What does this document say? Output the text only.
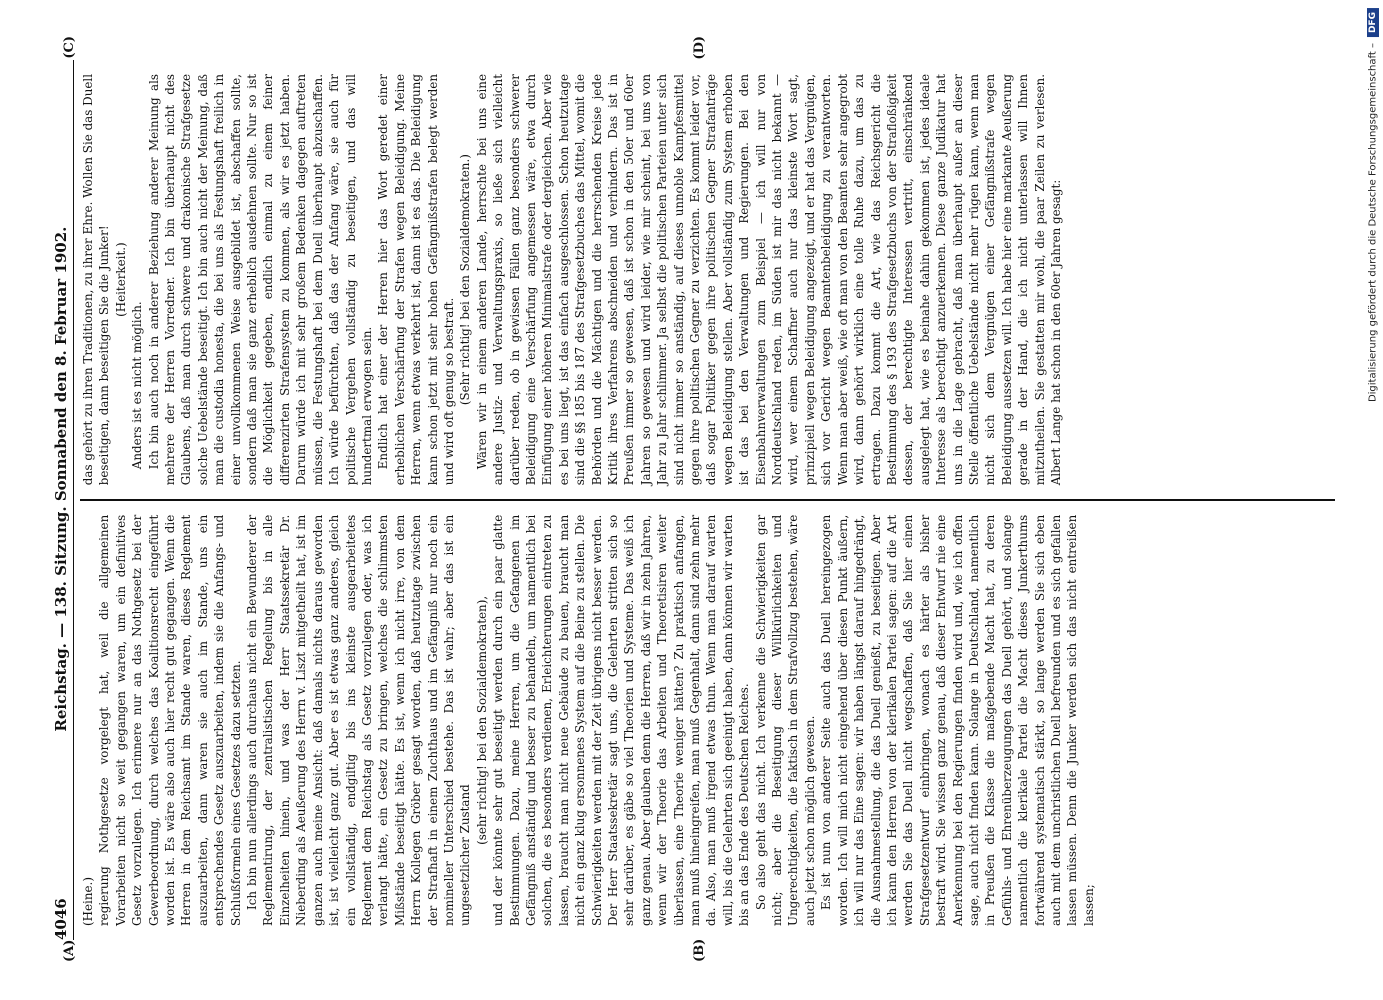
4046
Reichstag. — 138. Sitzung. Sonnabend den 8. Februar 1902.

(Heine.) regierung Nothgesetze vorgelegt hat, weil die allgemeinen Vorarbeiten nicht so weit gegangen waren, um ein definitives Gesetz vorzulegen. Ich erinnere nur an das Nothgesetz bei der Gewerbeordnung, durch welches das Koalitionsrecht eingeführt worden ist. Es wäre also auch hier recht gut gegangen. Wenn die Herren in dem Reichsamt im Stande waren, dieses Reglement auszuarbeiten, dann waren sie auch im Stande, uns ein entsprechendes Gesetz auszuarbeiten, indem sie die Anfangs- und Schlußformeln eines Gesetzes dazu setzten. Ich bin nun allerdings auch durchaus nicht ein Bewunderer der Reglementirung, der zentralistischen Regelung bis in alle Einzelheiten hinein, und was der Herr Staatssekretär Dr. Nieberding als Aeußerung des Herrn v. Liszt mitgetheilt hat, ist im ganzen auch meine Ansicht: daß damals nichts daraus geworden ist, ist vielleicht ganz gut. Aber es ist etwas ganz anderes, gleich ein vollständig, endgiltig bis ins kleinste ausgearbeitetes Reglement dem Reichstag als Gesetz vorzulegen oder, was ich verlangt hätte, ein Gesetz zu bringen, welches die schlimmsten Mißstände beseitigt hätte. Es ist, wenn ich nicht irre, von dem Herrn Kollegen Gröber gesagt worden, daß heutzutage zwischen der Strafhaft in einem Zuchthaus und im Gefängniß nur noch ein nomineller Unterschied bestehe. Das ist wahr; aber das ist ein ungesetzlicher Zustand

(sehr richtig! bei den Sozialdemokraten), und der könnte sehr gut beseitigt werden durch ein paar glatte Bestimmungen. Dazu, meine Herren, um die Gefangenen im Gefängniß anständig und besser zu behandeln, um namentlich bei solchen, die es besonders verdienen, Erleichterungen eintreten zu lassen, braucht man nicht neue Gebäude zu bauen, braucht man nicht ein ganz klug ersonnenes System auf die Beine zu stellen. Die Schwierigkeiten werden mit der Zeit übrigens nicht besser werden. Der Herr Staatssekretär sagt uns, die Gelehrten stritten sich so sehr darüber, es gäbe so viel Theorien und Systeme. Das weiß ich ganz genau. Aber glauben denn die Herren, daß wir in zehn Jahren, wenn wir der Theorie das Arbeiten und Theoretisiren weiter überlassen, eine Theorie weniger hätten? Zu praktisch anfangen, man muß hineingreifen, man muß Gegenhalt, dann sind zehn mehr da. Also, man muß irgend etwas thun. Wenn man darauf warten will, bis die Gelehrten sich geeinigt haben, dann können wir warten bis an das Ende des Deutschen Reiches. So also geht das nicht. Ich verkenne die Schwierigkeiten gar nicht; aber die Beseitigung dieser Willkürlichkeiten und Ungerechtigkeiten, die faktisch in dem Strafvollzug bestehen, wäre auch jetzt schon möglich gewesen. Es ist nun von anderer Seite auch das Duell hereingezogen worden. Ich will mich nicht eingehend über diesen Punkt äußern, ich will nur das Eine sagen: wir haben längst darauf hingedrängt, die Ausnahmestellung, die das Duell genießt, zu beseitigen. Aber ich kann den Herren von der klerikalen Partei sagen: auf die Art werden Sie das Duell nicht wegschaffen, daß Sie hier einen Strafgesetzentwurf einbringen, wonach es härter als bisher bestraft wird. Sie wissen ganz genau, daß dieser Entwurf nie eine Anerkennung bei den Regierungen finden wird und, wie ich offen sage, auch nicht finden kann. Solange in Deutschland, namentlich in Preußen die Klasse die maßgebende Macht hat, zu deren Gefühls- und Ehrenüberzeugungen das Duell gehört, und solange namentlich die klerikale Partei die Macht dieses Junkerthums fortwährend systematisch stärkt, so lange werden Sie sich eben auch mit dem unchristlichen Duell befreunden und es sich gefallen lassen müssen. Denn die Junker werden sich das nicht entreißen lassen;

das gehört zu ihren Traditionen, zu ihrer Ehre. Wollen Sie das Duell beseitigen, dann beseitigen Sie die Junker! (Heiterkeit.)

Anders ist es nicht möglich. Ich bin auch noch in anderer Beziehung anderer Meinung als mehrere der Herren Vorredner. Ich bin überhaupt nicht des Glaubens, daß man durch schwere und drakonische Strafgesetze solche Uebelstände beseitigt. Ich bin auch nicht der Meinung, daß man die custodia honesta, die bei uns als Festungshaft freilich in einer unvollkommenen Weise ausgebildet ist, abschaffen sollte, sondern daß man sie ganz erheblich ausdehnen sollte. Nur so ist die Möglichkeit gegeben, endlich einmal zu einem feiner differenzirten Strafensystem zu kommen, als wir es jetzt haben. Darum würde ich mit sehr großem Bedenken dagegen auftreten müssen, die Festungshaft bei dem Duell überhaupt abzuschaffen. Ich würde befürchten, daß das der Anfang wäre, sie auch für politische Vergehen vollständig zu beseitigen, und das will hundertmal erwogen sein. Endlich hat einer der Herren hier das Wort geredet einer erheblichen Verschärfung der Strafen wegen Beleidigung. Meine Herren, wenn etwas verkehrt ist, dann ist es das. Die Beleidigung kann schon jetzt mit sehr hohen Gefängnißstrafen belegt werden und wird oft genug so bestraft. (Sehr richtig! bei den Sozialdemokraten.) Wären wir in einem anderen Lande, herrschte bei uns eine andere Justiz- und Verwaltungspraxis, so ließe sich vielleicht darüber reden, ob in gewissen Fällen ganz besonders schwerer Beleidigung eine Verschärfung angemessen wäre, etwa durch Einfügung einer höheren Minimalstrafe oder dergleichen. Aber wie es bei uns liegt, ist das einfach ausgeschlossen. Schon heutzutage sind die §§ 185 bis 187 des Strafgesetzbuches das Mittel, womit die Behörden und die Mächtigen und die herrschenden Kreise jede Kritik ihres Verfahrens abschneiden und verhindern. Das ist in Preußen immer so gewesen, daß ist schon in den 50er und 60er Jahren so gewesen und wird leider, wie mir scheint, bei uns von Jahr zu Jahr schlimmer. Ja selbst die politischen Parteien unter sich sind nicht immer so anständig, auf dieses unnoble Kampfesmittel gegen ihre politischen Gegner zu verzichten. Es kommt leider vor, daß sogar Politiker gegen ihre politischen Gegner Strafanträge wegen Beleidigung stellen. Aber vollständig zum System erhoben ist das bei den Verwaltungen und Regierungen. Bei den Eisenbahnverwaltungen zum Beispiel — ich will nur von Norddeutschland reden, im Süden ist mir das nicht bekannt — wird, wer einem Schaffner auch nur das kleinste Wort sagt, prinzipiell wegen Beleidigung angezeigt, und er hat das Vergnügen, sich vor Gericht wegen Beamtenbeleidigung zu verantworten. Wenn man aber weiß, wie oft man von den Beamten sehr angegrobt wird, dann gehört wirklich eine tolle Ruhe dazu, um das zu ertragen. Dazu kommt die Art, wie das Reichsgericht die Bestimmung des § 193 des Strafgesetzbuchs von der Strafloßigkeit dessen, der berechtigte Interessen vertritt, einschränkend ausgelegt hat, wie es beinahe dahin gekommen ist, jedes ideale Interesse als berechtigt anzuerkennen. Diese ganze Judikatur hat uns in die Lage gebracht, daß man überhaupt außer an dieser Stelle öffentliche Uebelstände nicht mehr rügen kann, wenn man nicht sich dem Vergnügen einer Gefängnißstrafe wegen Beleidigung aussetzen will. Ich habe hier eine markante Aeußerung gerade in der Hand, die ich nicht unterlassen will Ihnen mitzutheilen. Sie gestatten mir wohl, die paar Zeilen zu verlesen. Albert Lange hat schon in den 60er Jahren gesagt:

(A)	(B)
(C)	(D)	Digitalisierung gefördert durch die Deutsche Forschungsgemeinschaft –
DFG
